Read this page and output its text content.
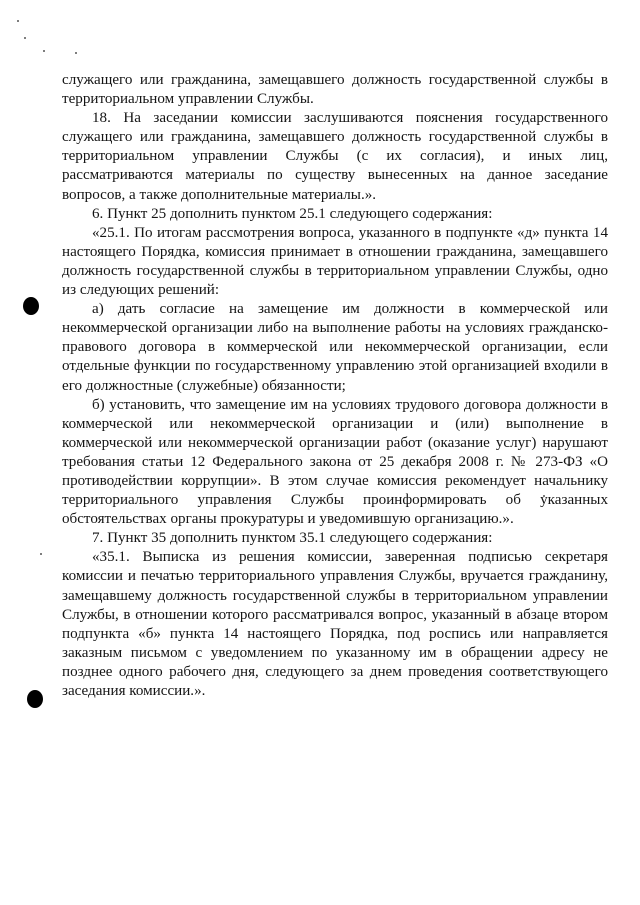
служащего или гражданина, замещавшего должность государственной службы в территориальном управлении Службы.

18. На заседании комиссии заслушиваются пояснения государственного служащего или гражданина, замещавшего должность государственной службы в территориальном управлении Службы (с их согласия), и иных лиц, рассматриваются материалы по существу вынесенных на данное заседание вопросов, а также дополнительные материалы.».

6. Пункт 25 дополнить пунктом 25.1 следующего содержания:

«25.1. По итогам рассмотрения вопроса, указанного в подпункте «д» пункта 14 настоящего Порядка, комиссия принимает в отношении гражданина, замещавшего должность государственной службы в территориальном управлении Службы, одно из следующих решений:

а) дать согласие на замещение им должности в коммерческой или некоммерческой организации либо на выполнение работы на условиях гражданско-правового договора в коммерческой или некоммерческой организации, если отдельные функции по государственному управлению этой организацией входили в его должностные (служебные) обязанности;

б) установить, что замещение им на условиях трудового договора должности в коммерческой или некоммерческой организации и (или) выполнение в коммерческой или некоммерческой организации работ (оказание услуг) нарушают требования статьи 12 Федерального закона от 25 декабря 2008 г. № 273-ФЗ «О противодействии коррупции». В этом случае комиссия рекомендует начальнику территориального управления Службы проинформировать об указанных обстоятельствах органы прокуратуры и уведомившую организацию.».

7. Пункт 35 дополнить пунктом 35.1 следующего содержания:

«35.1. Выписка из решения комиссии, заверенная подписью секретаря комиссии и печатью территориального управления Службы, вручается гражданину, замещавшему должность государственной службы в территориальном управлении Службы, в отношении которого рассматривался вопрос, указанный в абзаце втором подпункта «б» пункта 14 настоящего Порядка, под роспись или направляется заказным письмом с уведомлением по указанному им в обращении адресу не позднее одного рабочего дня, следующего за днем проведения соответствующего заседания комиссии.».
